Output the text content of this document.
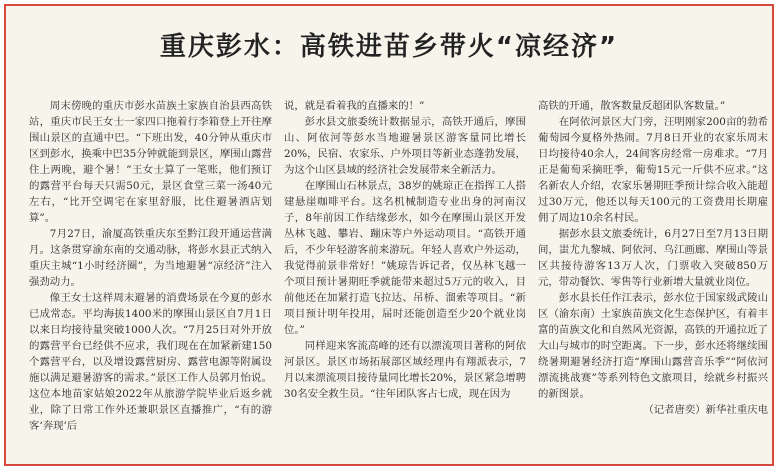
重庆彭水：高铁进苗乡带火“凉经济”

周末傍晚的重庆市彭水苗族土家族自治县西高铁站，重庆市民王女士一家四口拖着行李箱登上开往摩围山景区的直通中巴。“下班出发，40分钟从重庆市区到彭水，换乘中巴35分钟就能到景区，摩围山露营住上两晚，避个暑！”王女士算了一笔账，他们预订的露营平台每天只需50元，景区食堂三菜一汤40元左右，“比开空调宅在家里舒服，比住避暑酒店划算”。

7月27日，渝厦高铁重庆东至黔江段开通运营满月。这条贯穿渝东南的交通动脉，将彭水县正式纳入重庆主城“1小时经济圈”，为当地避暑“凉经济”注入强劲动力。

像王女士这样周末避暑的消费场景在今夏的彭水已成常态。平均海拔1400米的摩围山景区自7月1日以来日均接待量突破1000人次。“7月25日对外开放的露营平台已经供不应求，我们现在在加紧新建150个露营平台，以及增设露营厨房、露营电源等附属设施以满足避暑游客的需求。”景区工作人员郭月怡说。这位本地苗家姑娘2022年从旅游学院毕业后返乡就业，除了日常工作外还兼职景区直播推广，“有的游客‘奔现’后

说，就是看着我的直播来的！”

彭水县文旅委统计数据显示，高铁开通后，摩围山、阿依河等彭水当地避暑景区游客量同比增长20%，民宿、农家乐、户外项目等新业态蓬勃发展，为这个山区县域的经济社会发展带来全新活力。

在摩围山石林景点，38岁的姚琼正在指挥工人搭建悬崖咖啡平台。这名机械制造专业出身的河南汉子，8年前因工作结缘彭水，如今在摩围山景区开发丛林飞越、攀岩、蹦床等户外运动项目。“高铁开通后，不少年轻游客前来游玩。年轻人喜欢户外运动，我觉得前景非常好！”姚琼告诉记者，仅丛林飞越一个项目预计暑期旺季就能带来超过5万元的收入，目前他还在加紧打造飞拉达、吊桥、溜索等项目。“新项目预计明年投用，届时还能创造至少20个就业岗位。”

同样迎来客流高峰的还有以漂流项目著称的阿依河景区。景区市场拓展部区域经理冉有翔派表示，7月以来漂流项目接待量同比增长20%，景区紧急增聘30名安全救生员。“往年团队客占七成，现在因为

高铁的开通，散客数量反超团队客数量。”

在阿依河景区大门旁，汪明刚家200亩的勃希葡萄园今夏格外热闹。7月8日开业的农家乐周末日均接待40余人，24间客房经常一房难求。“7月正是葡萄采摘旺季，葡萄15元一斤供不应求。”这名新农人介绍，农家乐暑期旺季预计综合收入能超过30万元，他还以每天100元的工资费用长期雇佣了周边10余名村民。

据彭水县文旅委统计，6月27日至7月13日期间，蚩尤九黎城、阿依河、乌江画廊、摩围山等景区共接待游客13万人次，门票收入突破850万元，带动餐饮、零售等行业新增大量就业岗位。

彭水县长任作江表示，彭水位于国家级武陵山区（渝东南）土家族苗族文化生态保护区，有着丰富的苗族文化和自然风光资源，高铁的开通拉近了大山与城市的时空距离。下一步，彭水还将继续围绕暑期避暑经济打造“摩围山露营音乐季”“阿依河漂流挑战赛”等系列特色文旅项目，绘就乡村振兴的新图景。

（记者唐奕）新华社重庆电
